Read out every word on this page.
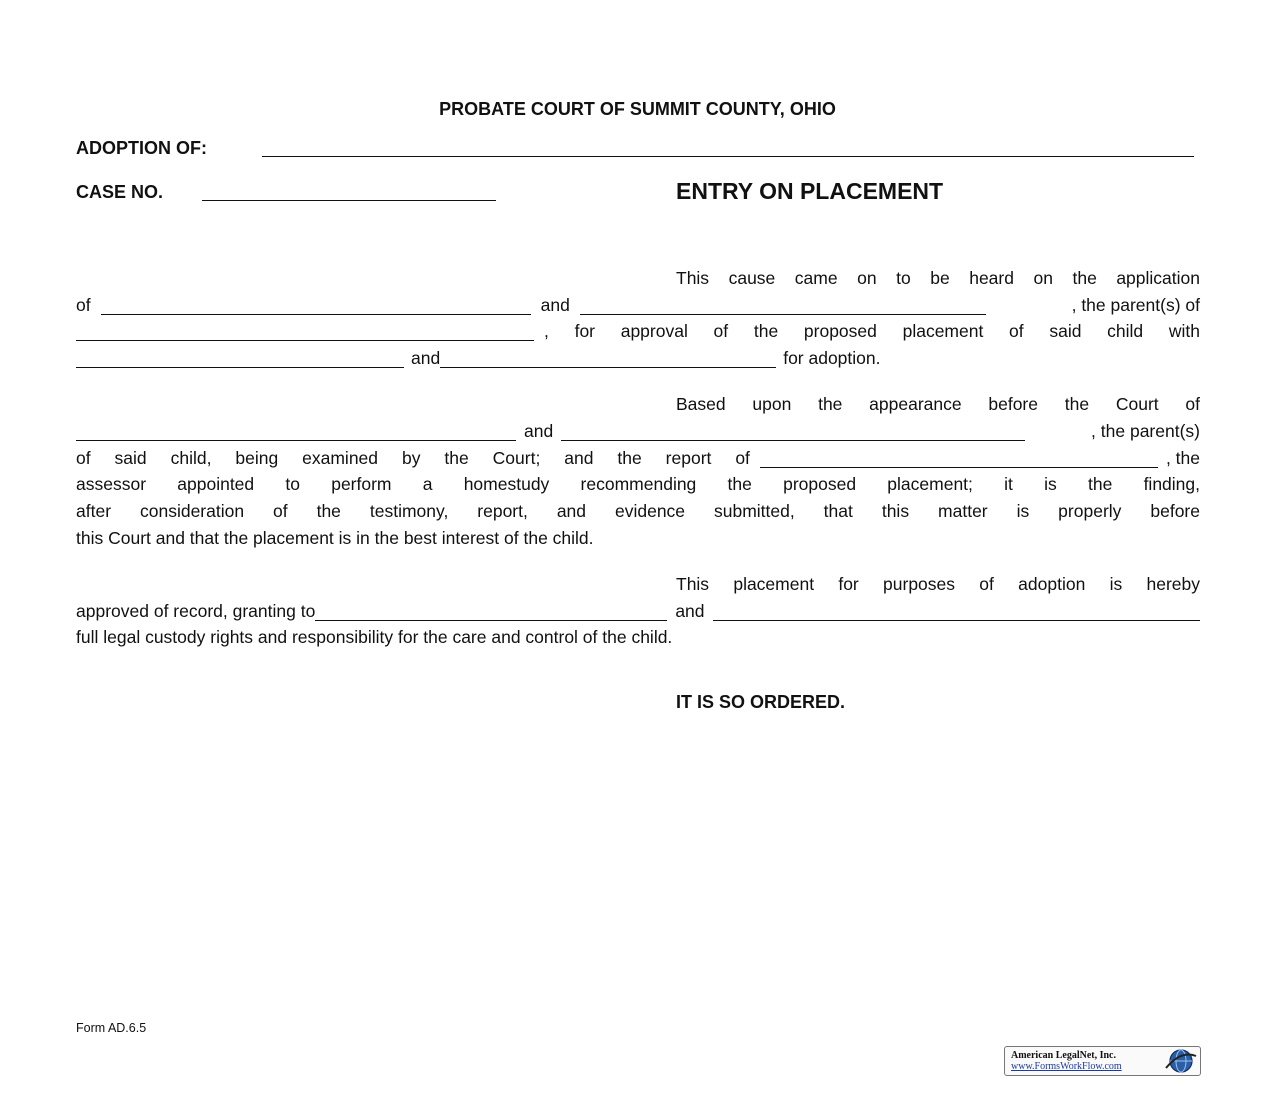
PROBATE COURT OF SUMMIT COUNTY, OHIO
ADOPTION OF:
CASE NO.	ENTRY ON PLACEMENT
This cause came on to be heard on the application
of	and	, the parent(s) of
, for approval of the proposed placement of said child with
and	for adoption.
Based upon the appearance before the Court of
and	, the parent(s)
of said child, being examined by the Court; and the report of	, the
assessor appointed to perform a homestudy recommending the proposed placement; it is the finding,
after consideration of the testimony, report, and evidence submitted, that this matter is properly before
this Court and that the placement is in the best interest of the child.
This placement for purposes of adoption is hereby
approved of record, granting to	and
full legal custody rights and responsibility for the care and control of the child.
IT IS SO ORDERED.
Form AD.6.5
American LegalNet, Inc.
www.FormsWorkFlow.com
